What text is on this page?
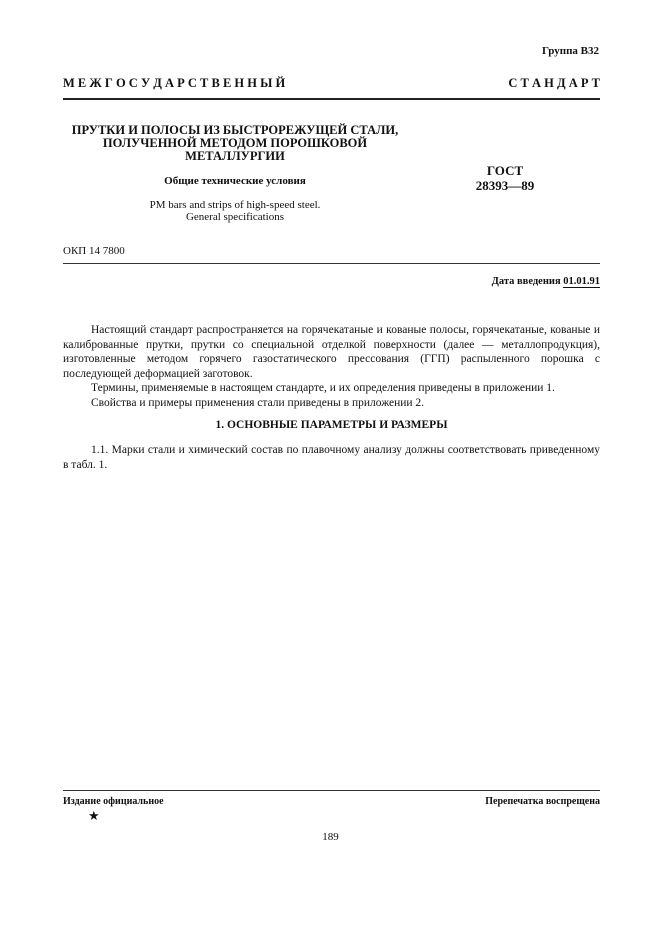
Группа В32
М Е Ж Г О С У Д А Р С Т В Е Н Н Ы Й	С Т А Н Д А Р Т
ПРУТКИ И ПОЛОСЫ ИЗ БЫСТРОРЕЖУЩЕЙ СТАЛИ,
ПОЛУЧЕННОЙ МЕТОДОМ ПОРОШКОВОЙ
МЕТАЛЛУРГИИ
Общие технические условия
PM bars and strips of high-speed steel.
General specifications
ГОСТ
28393—89
ОКП 14 7800
Дата введения 01.01.91

Настоящий стандарт распространяется на горячекатаные и кованые полосы, горячекатаные, кованые и калиброванные прутки, прутки со специальной отделкой поверхности (далее — металлопродукция), изготовленные методом горячего газостатического прессования (ГГП) распыленного порошка с последующей деформацией заготовок.

Термины, применяемые в настоящем стандарте, и их определения приведены в приложении 1.

Свойства и примеры применения стали приведены в приложении 2.

1. ОСНОВНЫЕ ПАРАМЕТРЫ И РАЗМЕРЫ

1.1. Марки стали и химический состав по плавочному анализу должны соответствовать приведенному в табл. 1.

Издание официальное	Перепечатка воспрещена
★
189
